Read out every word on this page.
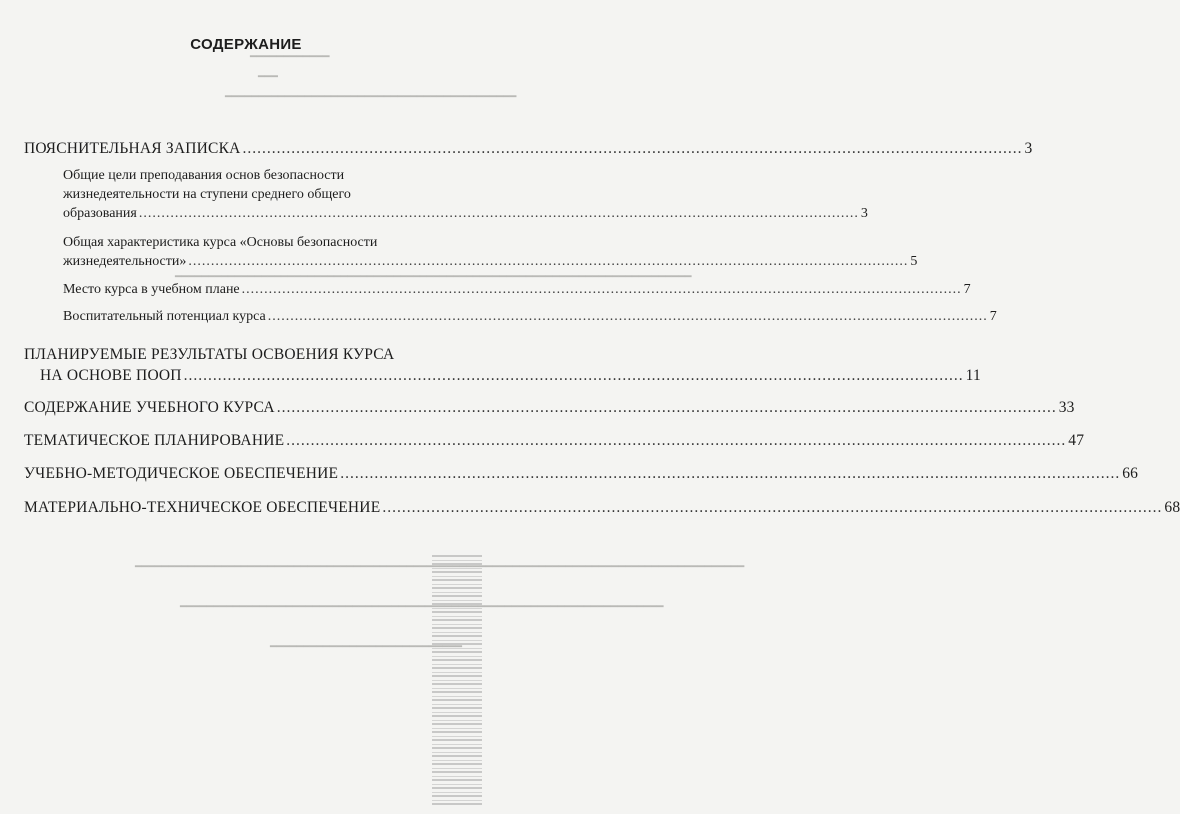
━━━━━━━━━━━━
━━━
━━━━━━━━━━━━━━━━━━━━━━━━━━━━━━━━━━━━━━━━━━━━
━━━━━━━━━━━━━━━━━━━━━━━━━━━━━━━━━━━━━━━━━━━━━━━━━━━━━━━━━━━━━━━━━━━━━━━━━━━━━━
━━━━━━━━━━━━━━━━━━━━━━━━━━━━━━━━━━━━━━━━━━━━━━━━━━━━━━━━━━━━━━━━━━━━━━━━━━━━━━━━━━━━━━━━━━━━
━━━━━━━━━━━━━━━━━━━━━━━━━━━━━━━━━━━━━━━━━━━━━━━━━━━━━━━━━━━━━━━━━━━━━━━━━
━━━━━━━━━━━━━━━━━━━━━━━━━━━━━
СОДЕРЖАНИЕ
ПОЯСНИТЕЛЬНАЯ ЗАПИСКА .....	3
Общие цели преподавания основ безопасности
жизнедеятельности на ступени среднего общего
образования .....	3
Общая характеристика курса «Основы безопасности
жизнедеятельности» .....	5
Место курса в учебном плане .....	7
Воспитательный потенциал курса .....	7
ПЛАНИРУЕМЫЕ РЕЗУЛЬТАТЫ ОСВОЕНИЯ КУРСА
НА ОСНОВЕ ПООП .....	11
СОДЕРЖАНИЕ УЧЕБНОГО КУРСА .....	33
ТЕМАТИЧЕСКОЕ ПЛАНИРОВАНИЕ .....	47
УЧЕБНО-МЕТОДИЧЕСКОЕ ОБЕСПЕЧЕНИЕ .....	66
МАТЕРИАЛЬНО-ТЕХНИЧЕСКОЕ ОБЕСПЕЧЕНИЕ .....	68
